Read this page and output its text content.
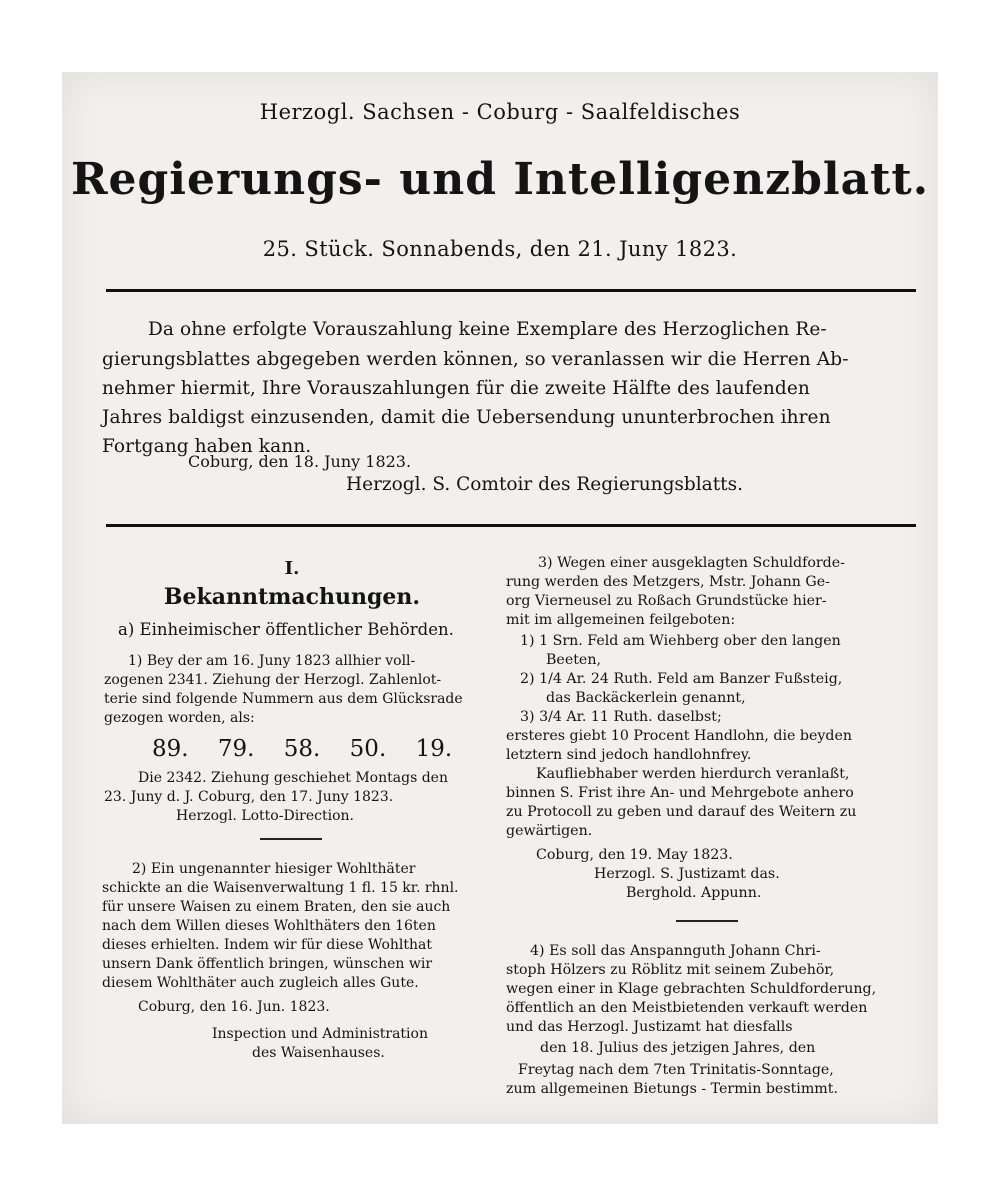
Herzogl. Sachsen - Coburg - Saalfeldisches
Regierungs- und Intelligenzblatt.
25. Stück. Sonnabends, den 21. Juny 1823.
Da ohne erfolgte Vorauszahlung keine Exemplare des Herzoglichen Re-
gierungsblattes abgegeben werden können, so veranlassen wir die Herren Ab-
nehmer hiermit, Ihre Vorauszahlungen für die zweite Hälfte des laufenden
Jahres baldigst einzusenden, damit die Uebersendung ununterbrochen ihren
Fortgang haben kann.
Coburg, den 18. Juny 1823.
Herzogl. S. Comtoir des Regierungsblatts.
I.
Bekanntmachungen.
a) Einheimischer öffentlicher Behörden.
1) Bey der am 16. Juny 1823 allhier voll-
zogenen 2341. Ziehung der Herzogl. Zahlenlot-
terie sind folgende Nummern aus dem Glücksrade
gezogen worden, als:
89. 79. 58. 50. 19.
Die 2342. Ziehung geschiehet Montags den
23. Juny d. J. Coburg, den 17. Juny 1823.
Herzogl. Lotto-Direction.
2) Ein ungenannter hiesiger Wohlthäter
schickte an die Waisenverwaltung 1 fl. 15 kr. rhnl.
für unsere Waisen zu einem Braten, den sie auch
nach dem Willen dieses Wohlthäters den 16ten
dieses erhielten. Indem wir für diese Wohlthat
unsern Dank öffentlich bringen, wünschen wir
diesem Wohlthäter auch zugleich alles Gute.
Coburg, den 16. Jun. 1823.
Inspection und Administration
des Waisenhauses.
3) Wegen einer ausgeklagten Schuldforde-
rung werden des Metzgers, Mstr. Johann Ge-
org Vierneusel zu Roßach Grundstücke hier-
mit im allgemeinen feilgeboten:
1) 1 Srn. Feld am Wiehberg ober den langen
Beeten,
2) 1/4 Ar. 24 Ruth. Feld am Banzer Fußsteig,
das Backäckerlein genannt,
3) 3/4 Ar. 11 Ruth. daselbst;
ersteres giebt 10 Procent Handlohn, die beyden
letztern sind jedoch handlohnfrey.
Kaufliebhaber werden hierdurch veranlaßt,
binnen S. Frist ihre An- und Mehrgebote anhero
zu Protocoll zu geben und darauf des Weitern zu
gewärtigen.
Coburg, den 19. May 1823.
Herzogl. S. Justizamt das.
Berghold. Appunn.
4) Es soll das Anspannguth Johann Chri-
stoph Hölzers zu Röblitz mit seinem Zubehör,
wegen einer in Klage gebrachten Schuldforderung,
öffentlich an den Meistbietenden verkauft werden
und das Herzogl. Justizamt hat diesfalls
den 18. Julius des jetzigen Jahres, den
Freytag nach dem 7ten Trinitatis-Sonntage,
zum allgemeinen Bietungs - Termin bestimmt.
